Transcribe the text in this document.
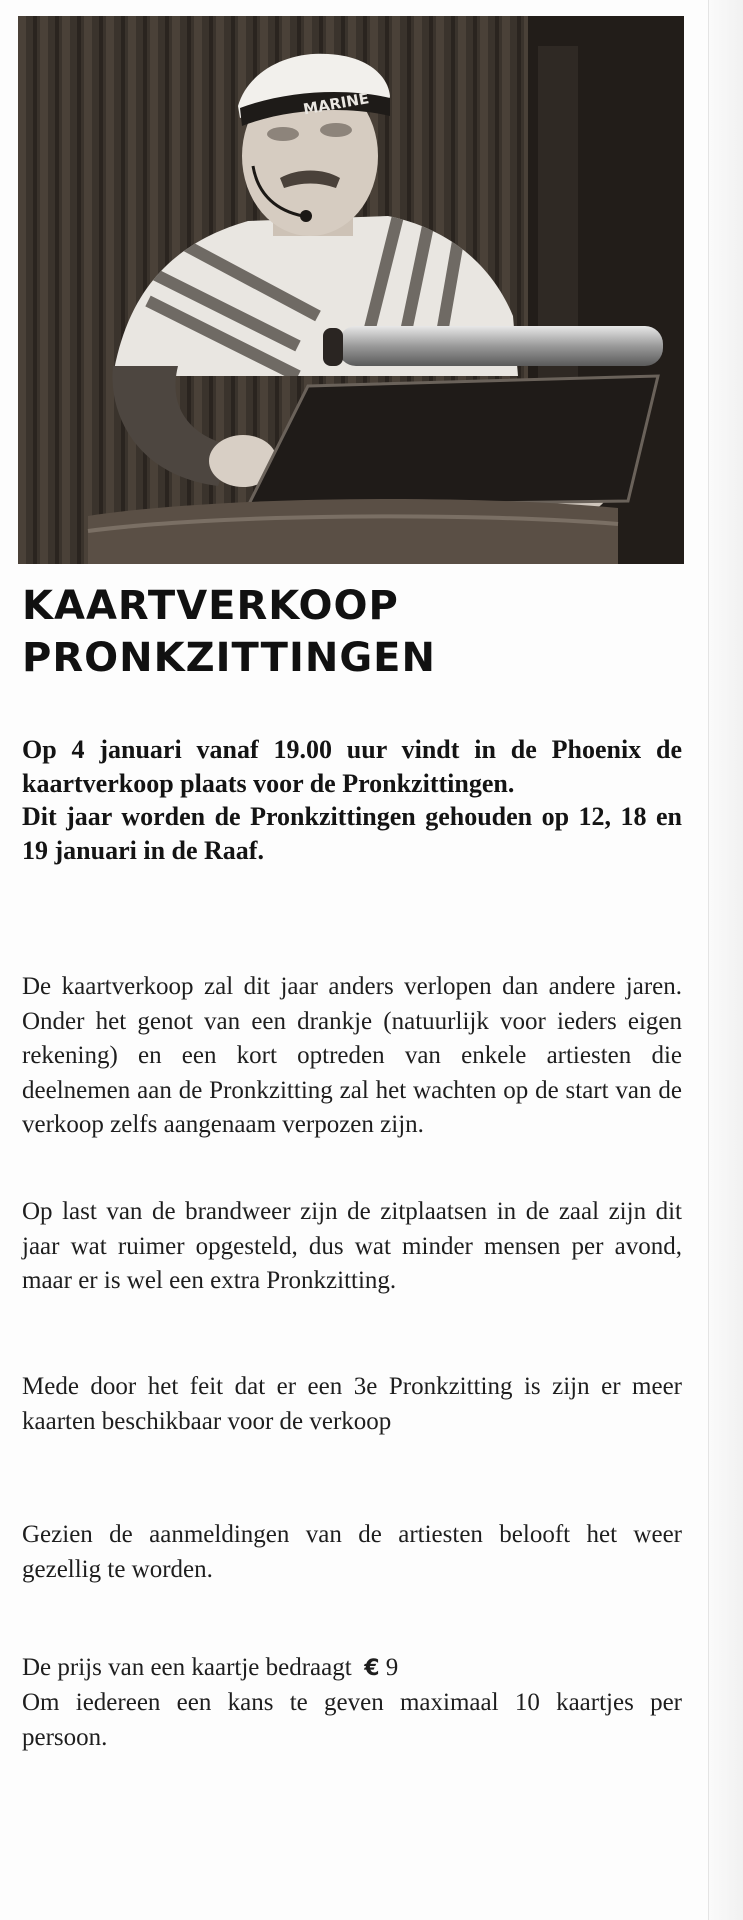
MARINE
KAARTVERKOOP
PRONKZITTINGEN

Op 4 januari vanaf 19.00 uur vindt in de Phoenix de kaartverkoop plaats voor de Pronkzittingen.

Dit jaar worden de Pronkzittingen gehouden op 12, 18 en 19 januari in de Raaf.

De kaartverkoop zal dit jaar anders verlopen dan andere jaren. Onder het genot van een drankje (natuurlijk voor ieders eigen rekening) en een kort optreden van enkele artiesten die deelnemen aan de Pronkzitting zal het wachten op de start van de verkoop zelfs aangenaam verpozen zijn.

Op last van de brandweer zijn de zitplaatsen in de zaal zijn dit jaar wat ruimer opgesteld, dus wat minder mensen per avond, maar er is wel een extra Pronkzitting.

Mede door het feit dat er een 3e Pronkzitting is zijn er meer kaarten beschikbaar voor de verkoop

Gezien de aanmeldingen van de artiesten belooft het weer gezellig te worden.

De prijs van een kaartje bedraagt € 9

Om iedereen een kans te geven maximaal 10 kaartjes per persoon.
